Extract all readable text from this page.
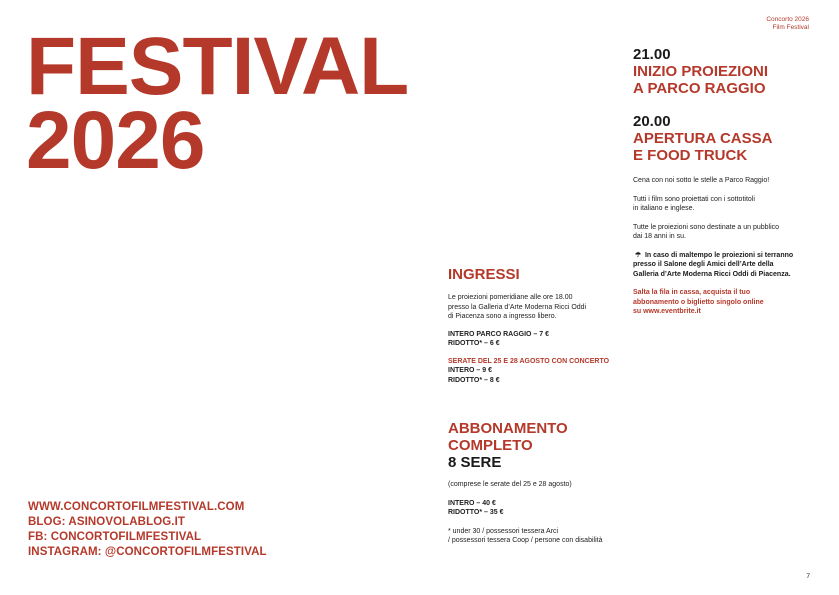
Concorto 2026
Film Festival
FESTIVAL
2026
WWW.CONCORTOFILMFESTIVAL.COM
BLOG: ASINOVOLABLOG.IT
FB: CONCORTOFILMFESTIVAL
INSTAGRAM: @CONCORTOFILMFESTIVAL
INGRESSI

Le proiezioni pomeridiane alle ore 18.00

presso la Galleria d’Arte Moderna Ricci Oddi

di Piacenza sono a ingresso libero.

INTERO PARCO RAGGIO – 7 €

RIDOTTO* – 6 €

SERATE DEL 25 E 28 AGOSTO CON CONCERTO

INTERO – 9 €

RIDOTTO* – 8 €

ABBONAMENTO
COMPLETO
8 SERE

(comprese le serate del 25 e 28 agosto)

INTERO – 40 €

RIDOTTO* – 35 €

* under 30 / possessori tessera Arci

/ possessori tessera Coop / persone con disabilità

21.00
INIZIO PROIEZIONI
A PARCO RAGGIO
20.00
APERTURA CASSA
E FOOD TRUCK

Cena con noi sotto le stelle a Parco Raggio!

Tutti i film sono proiettati con i sottotitoli

in italiano e inglese.

Tutte le proiezioni sono destinate a un pubblico

dai 18 anni in su.

☂ In caso di maltempo le proiezioni si terranno

presso il Salone degli Amici dell’Arte della

Galleria d’Arte Moderna Ricci Oddi di Piacenza.

Salta la fila in cassa, acquista il tuo

abbonamento o biglietto singolo online

su www.eventbrite.it

7
